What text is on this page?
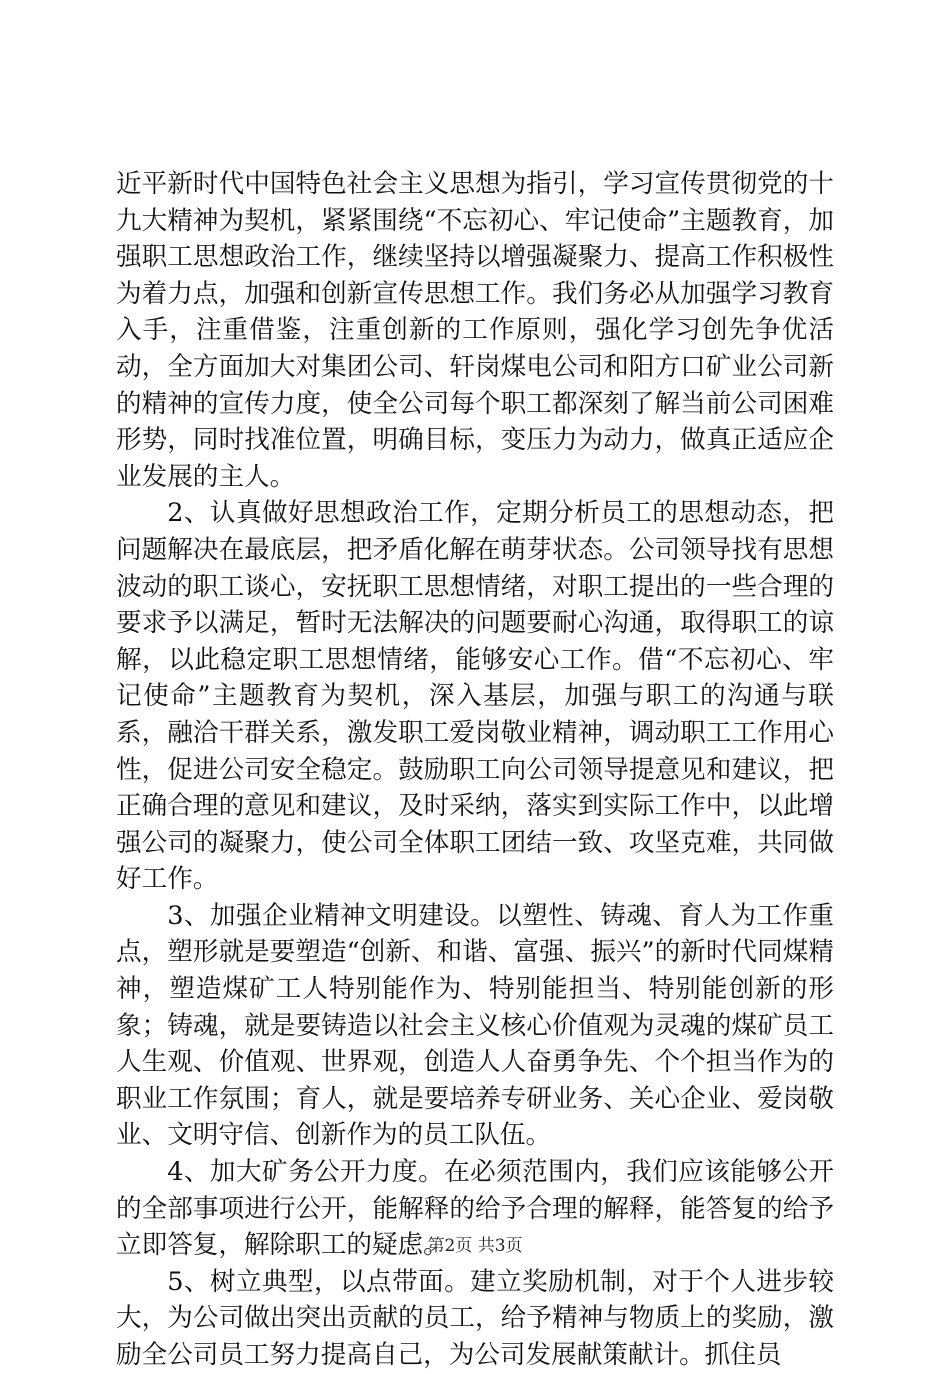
近平新时代中国特色社会主义思想为指引，学习宣传贯彻党的十九大精神为契机，紧紧围绕“不忘初心、牢记使命”主题教育，加强职工思想政治工作，继续坚持以增强凝聚力、提高工作积极性为着力点，加强和创新宣传思想工作。我们务必从加强学习教育入手，注重借鉴，注重创新的工作原则，强化学习创先争优活动，全方面加大对集团公司、轩岗煤电公司和阳方口矿业公司新的精神的宣传力度，使全公司每个职工都深刻了解当前公司困难形势，同时找准位置，明确目标，变压力为动力，做真正适应企业发展的主人。

2、认真做好思想政治工作，定期分析员工的思想动态，把问题解决在最底层，把矛盾化解在萌芽状态。公司领导找有思想波动的职工谈心，安抚职工思想情绪，对职工提出的一些合理的要求予以满足，暂时无法解决的问题要耐心沟通，取得职工的谅解，以此稳定职工思想情绪，能够安心工作。借“不忘初心、牢记使命”主题教育为契机，深入基层，加强与职工的沟通与联系，融洽干群关系，激发职工爱岗敬业精神，调动职工工作用心性，促进公司安全稳定。鼓励职工向公司领导提意见和建议，把正确合理的意见和建议，及时采纳，落实到实际工作中，以此增强公司的凝聚力，使公司全体职工团结一致、攻坚克难，共同做好工作。

3、加强企业精神文明建设。以塑性、铸魂、育人为工作重点，塑形就是要塑造“创新、和谐、富强、振兴”的新时代同煤精神，塑造煤矿工人特别能作为、特别能担当、特别能创新的形象；铸魂，就是要铸造以社会主义核心价值观为灵魂的煤矿员工人生观、价值观、世界观，创造人人奋勇争先、个个担当作为的职业工作氛围；育人，就是要培养专研业务、关心企业、爱岗敬业、文明守信、创新作为的员工队伍。

4、加大矿务公开力度。在必须范围内，我们应该能够公开的全部事项进行公开，能解释的给予合理的解释，能答复的给予立即答复，解除职工的疑虑。

5、树立典型，以点带面。建立奖励机制，对于个人进步较大，为公司做出突出贡献的员工，给予精神与物质上的奖励，激励全公司员工努力提高自己，为公司发展献策献计。抓住员

第2页 共3页
